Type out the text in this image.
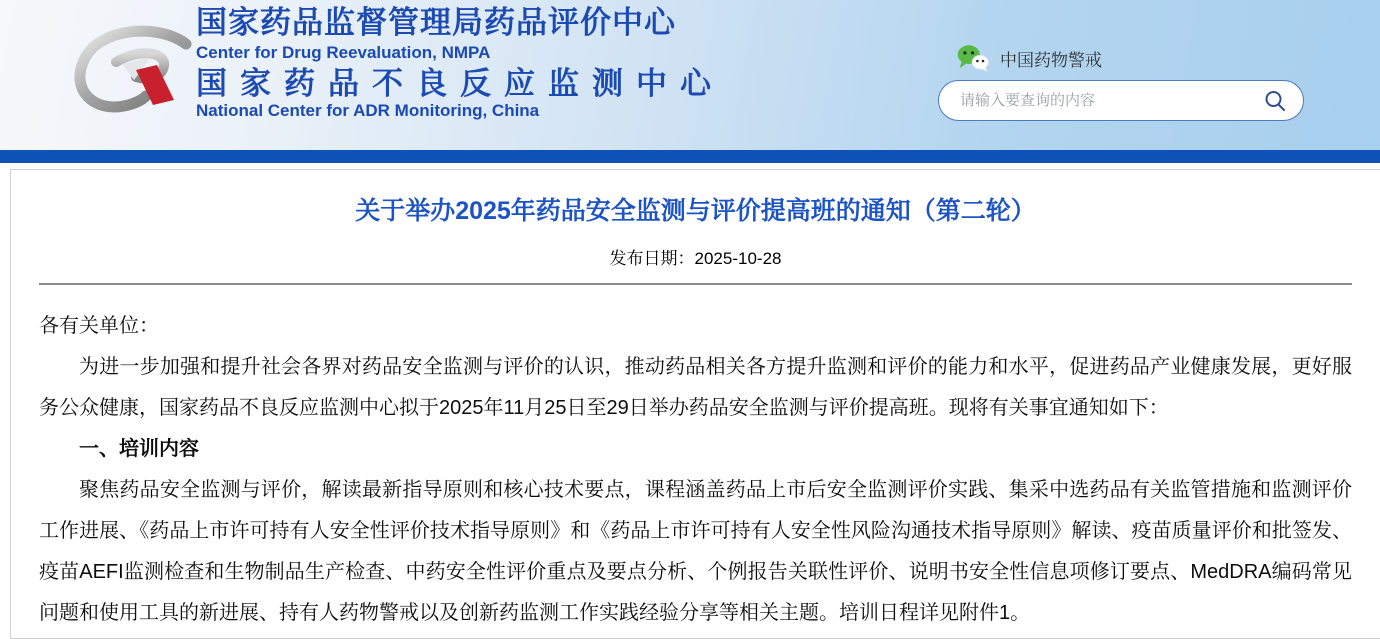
国家药品监督管理局药品评价中心
Center for Drug Reevaluation, NMPA
国家药品不良反应监测中心
National Center for ADR Monitoring, China
中国药物警戒
请输入要查询的内容
关于举办2025年药品安全监测与评价提高班的通知（第二轮）
发布日期：2025-10-28

各有关单位：

为进一步加强和提升社会各界对药品安全监测与评价的认识，推动药品相关各方提升监测和评价的能力和水平，促进药品产业健康发展，更好服务公众健康，国家药品不良反应监测中心拟于2025年11月25日至29日举办药品安全监测与评价提高班。现将有关事宜通知如下：

一、培训内容

聚焦药品安全监测与评价，解读最新指导原则和核心技术要点，课程涵盖药品上市后安全监测评价实践、集采中选药品有关监管措施和监测评价工作进展、《药品上市许可持有人安全性评价技术指导原则》和《药品上市许可持有人安全性风险沟通技术指导原则》解读、疫苗质量评价和批签发、疫苗AEFI监测检查和生物制品生产检查、中药安全性评价重点及要点分析、个例报告关联性评价、说明书安全性信息项修订要点、MedDRA编码常见问题和使用工具的新进展、持有人药物警戒以及创新药监测工作实践经验分享等相关主题。培训日程详见附件1。
